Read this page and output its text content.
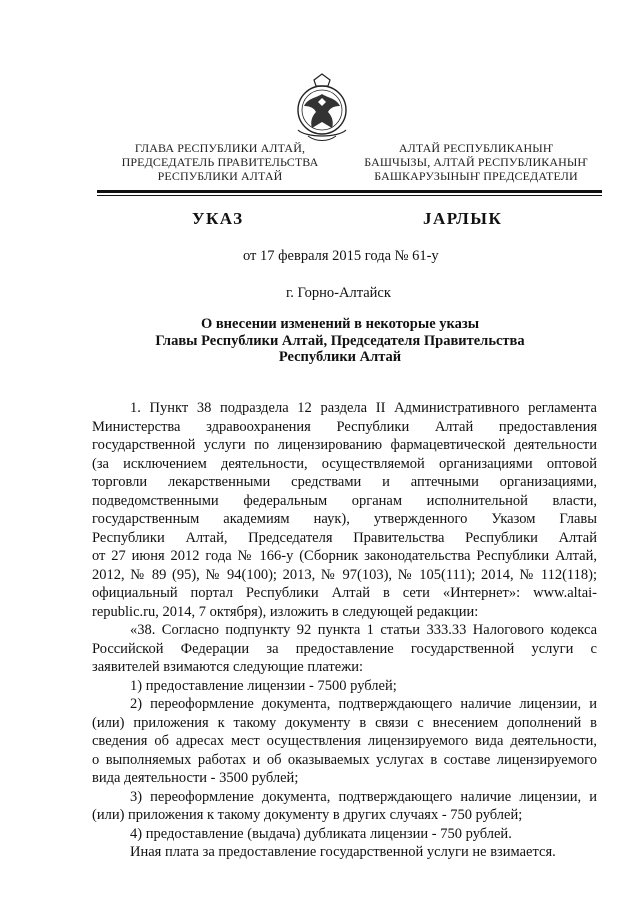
ГЛАВА РЕСПУБЛИКИ АЛТАЙ,
ПРЕДСЕДАТЕЛЬ ПРАВИТЕЛЬСТВА
РЕСПУБЛИКИ АЛТАЙ
АЛТАЙ РЕСПУБЛИКАНЫҤ
БАШЧЫЗЫ, АЛТАЙ РЕСПУБЛИКАНЫҤ
БАШКАРУЗЫНЫҤ ПРЕДСЕДАТЕЛИ
УКАЗ	JАРЛЫК
от 17 февраля 2015 года № 61-у
г. Горно-Алтайск
О внесении изменений в некоторые указы
Главы Республики Алтай, Председателя Правительства
Республики Алтай
1. Пункт 38 подраздела 12 раздела II Административного регламента
Министерства здравоохранения Республики Алтай предоставления
государственной услуги по лицензированию фармацевтической деятельности
(за исключением деятельности, осуществляемой организациями оптовой
торговли лекарственными средствами и аптечными организациями,
подведомственными федеральным органам исполнительной власти,
государственным академиям наук), утвержденного Указом Главы
Республики Алтай, Председателя Правительства Республики Алтай
от 27 июня 2012 года № 166-у (Сборник законодательства Республики Алтай,
2012, № 89 (95), № 94(100); 2013, № 97(103), № 105(111); 2014, № 112(118);
официальный портал Республики Алтай в сети «Интернет»: www.altai-
republic.ru, 2014, 7 октября), изложить в следующей редакции:
«38. Согласно подпункту 92 пункта 1 статьи 333.33 Налогового кодекса
Российской Федерации за предоставление государственной услуги с
заявителей взимаются следующие платежи:
1) предоставление лицензии - 7500 рублей;
2) переоформление документа, подтверждающего наличие лицензии, и
(или) приложения к такому документу в связи с внесением дополнений в
сведения об адресах мест осуществления лицензируемого вида деятельности,
о выполняемых работах и об оказываемых услугах в составе лицензируемого
вида деятельности - 3500 рублей;
3) переоформление документа, подтверждающего наличие лицензии, и
(или) приложения к такому документу в других случаях - 750 рублей;
4) предоставление (выдача) дубликата лицензии - 750 рублей.
Иная плата за предоставление государственной услуги не взимается.
